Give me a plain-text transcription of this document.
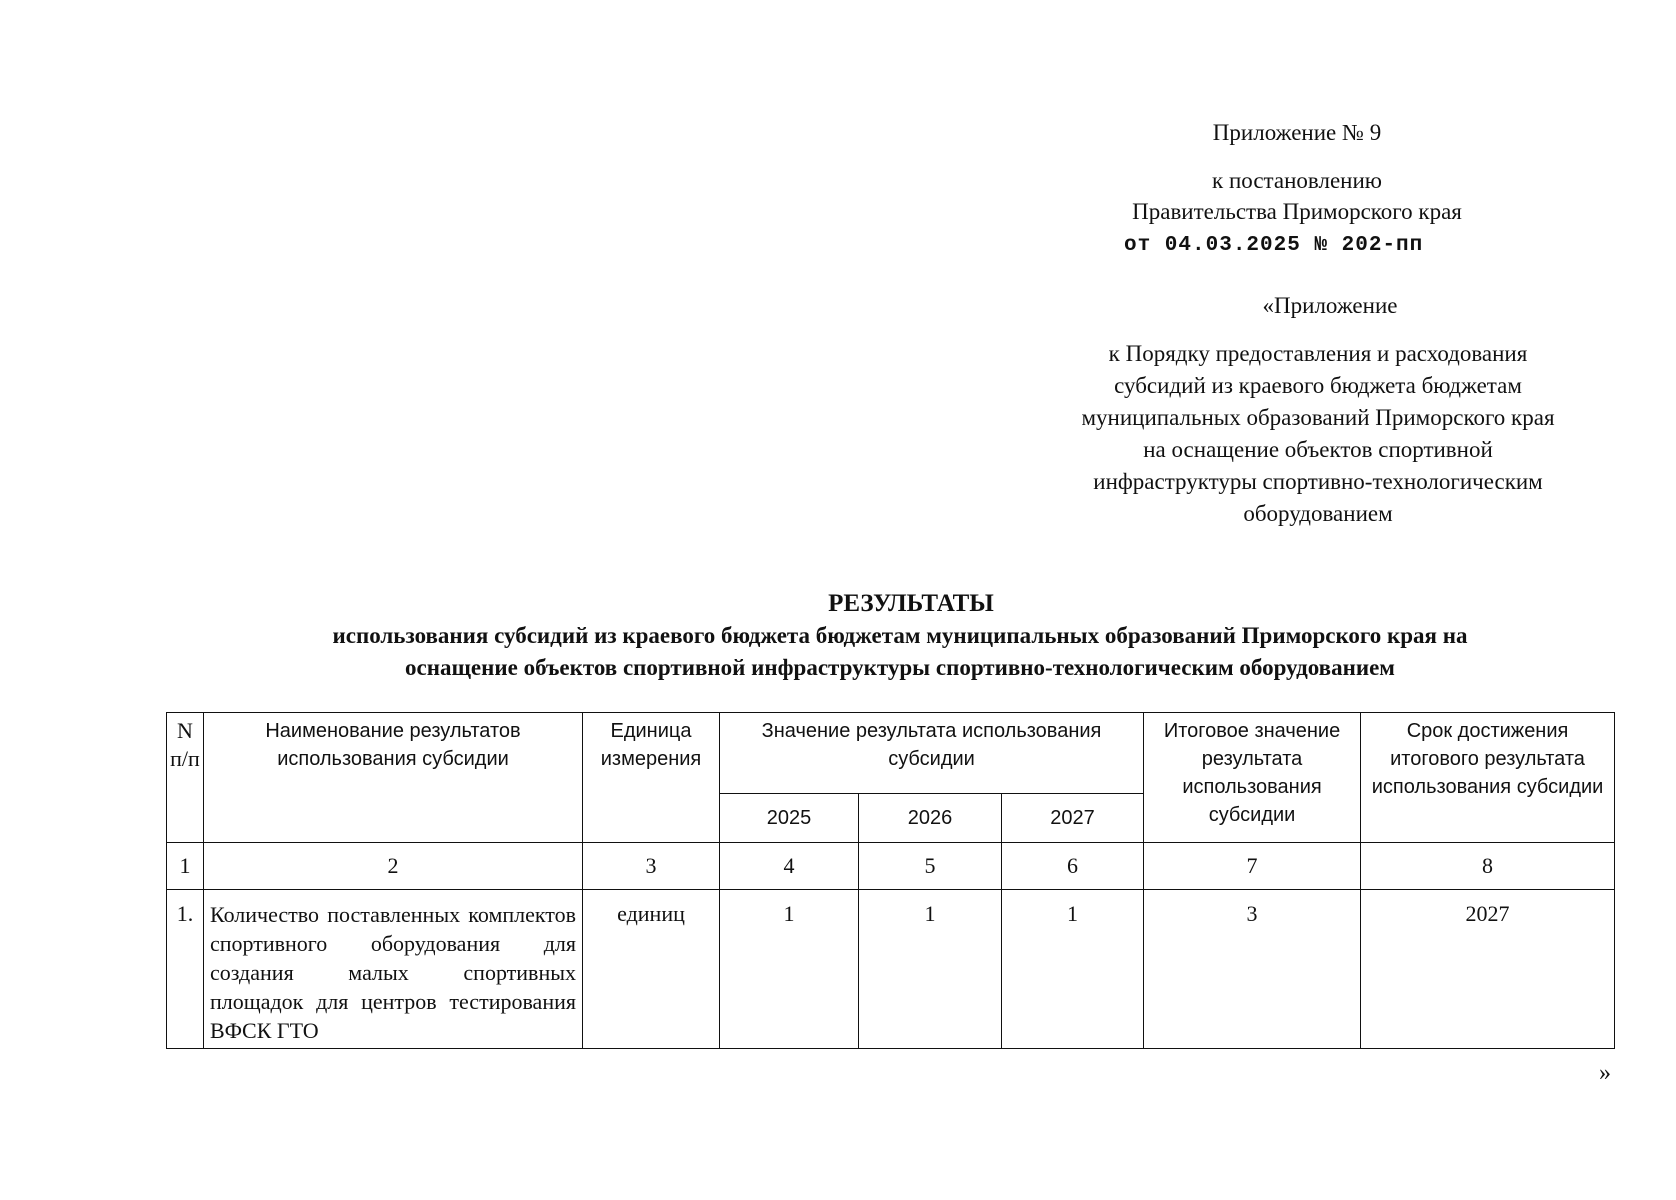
Приложение № 9
к постановлению
Правительства Приморского края
от 04.03.2025 № 202-пп
«Приложение
к Порядку предоставления и расходования
субсидий из краевого бюджета бюджетам
муниципальных образований Приморского края
на оснащение объектов спортивной
инфраструктуры спортивно-технологическим
оборудованием
РЕЗУЛЬТАТЫ
использования субсидий из краевого бюджета бюджетам муниципальных образований Приморского края на
оснащение объектов спортивной инфраструктуры спортивно-технологическим оборудованием
N п/п	Наименование результатов использования субсидии	Единица измерения	Значение результата использования субсидии			Итоговое значение результата использования субсидии	Срок достижения итогового результата использования субсидии
			2025	2026	2027		
1	2	3	4	5	6	7	8
1.	Количество поставленных комплектов спортивного оборудования для создания малых спортивных площадок для центров тестирования ВФСК ГТО	единиц	1	1	1	3	2027
»
